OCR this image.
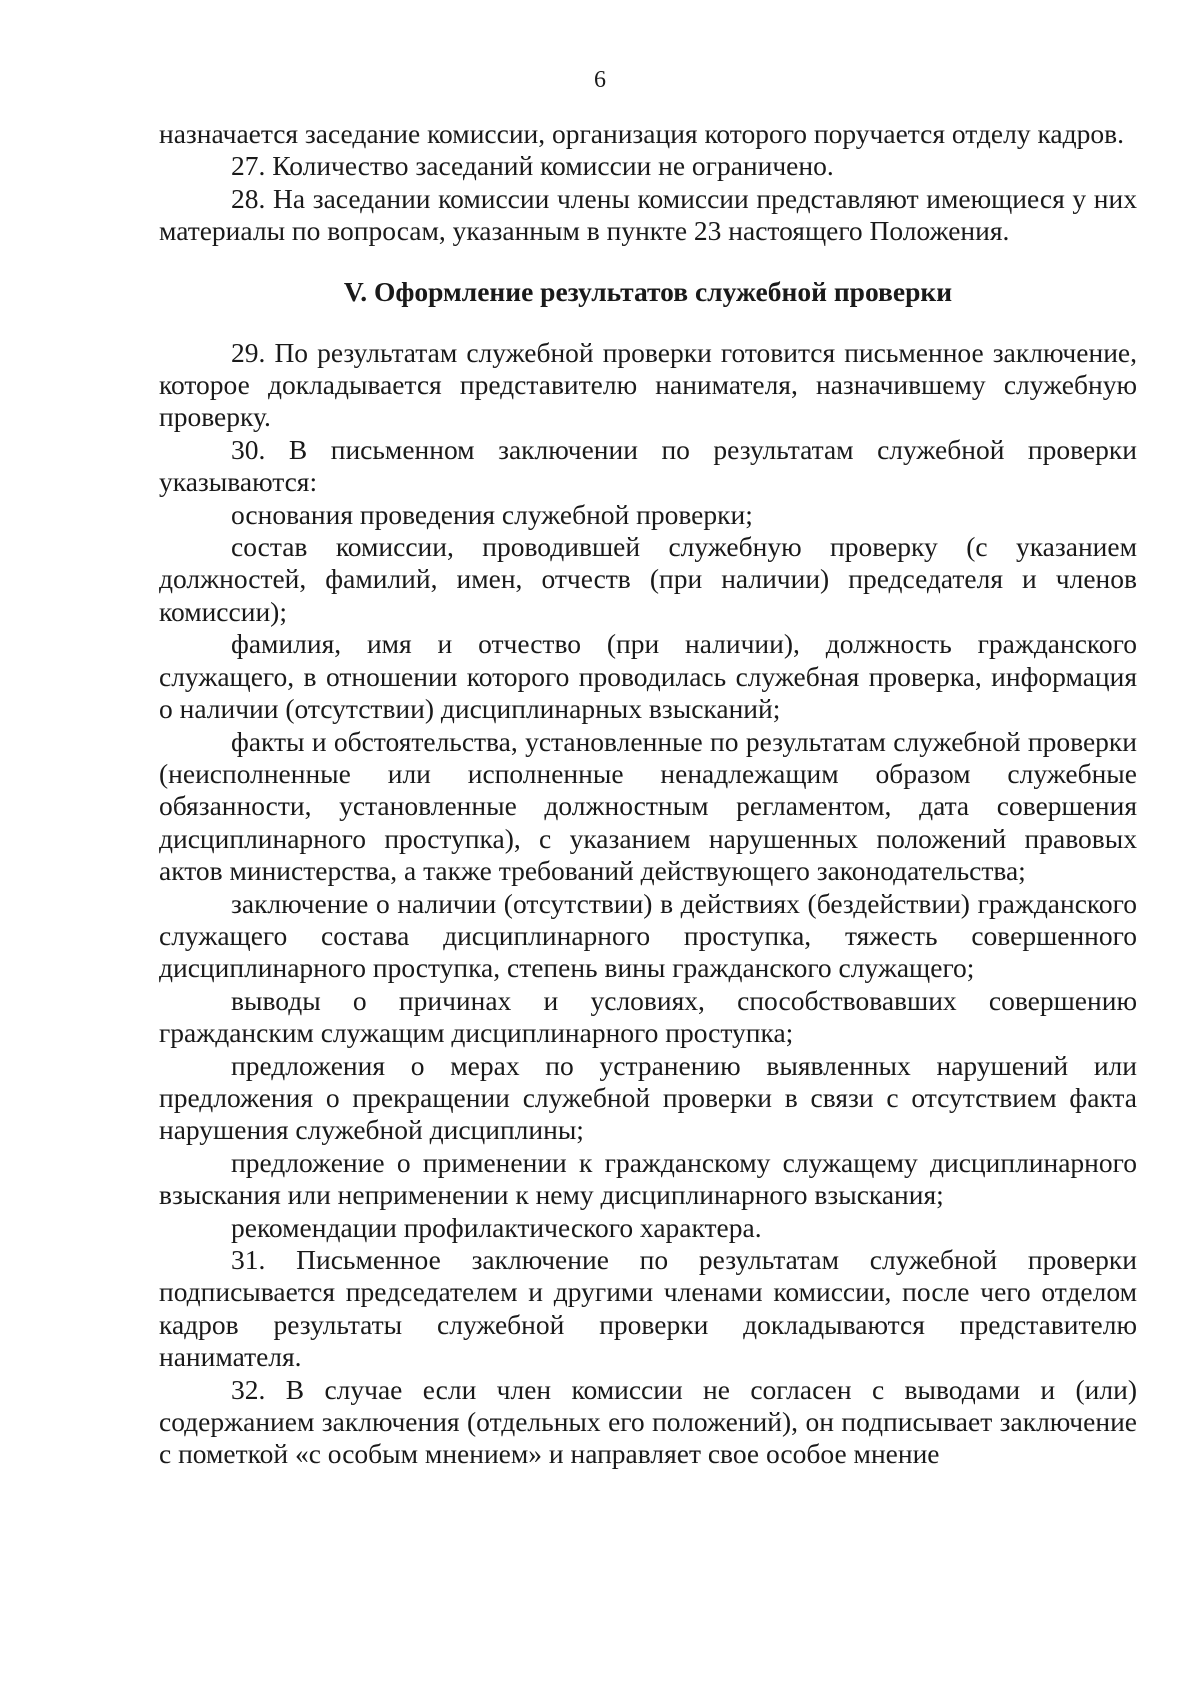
6

назначается заседание комиссии, организация которого поручается отделу кадров.

27. Количество заседаний комиссии не ограничено.

28. На заседании комиссии члены комиссии представляют имеющиеся у них материалы по вопросам, указанным в пункте 23 настоящего Положения.

V. Оформление результатов служебной проверки

29. По результатам служебной проверки готовится письменное заключение, которое докладывается представителю нанимателя, назначившему служебную проверку.

30. В письменном заключении по результатам служебной проверки указываются:

основания проведения служебной проверки;

состав комиссии, проводившей служебную проверку (с указанием должностей, фамилий, имен, отчеств (при наличии) председателя и членов комиссии);

фамилия, имя и отчество (при наличии), должность гражданского служащего, в отношении которого проводилась служебная проверка, информация о наличии (отсутствии) дисциплинарных взысканий;

факты и обстоятельства, установленные по результатам служебной проверки (неисполненные или исполненные ненадлежащим образом служебные обязанности, установленные должностным регламентом, дата совершения дисциплинарного проступка), с указанием нарушенных положений правовых актов министерства, а также требований действующего законодательства;

заключение о наличии (отсутствии) в действиях (бездействии) гражданского служащего состава дисциплинарного проступка, тяжесть совершенного дисциплинарного проступка, степень вины гражданского служащего;

выводы о причинах и условиях, способствовавших совершению гражданским служащим дисциплинарного проступка;

предложения о мерах по устранению выявленных нарушений или предложения о прекращении служебной проверки в связи с отсутствием факта нарушения служебной дисциплины;

предложение о применении к гражданскому служащему дисциплинарного взыскания или неприменении к нему дисциплинарного взыскания;

рекомендации профилактического характера.

31. Письменное заключение по результатам служебной проверки подписывается председателем и другими членами комиссии, после чего отделом кадров результаты служебной проверки докладываются представителю нанимателя.

32. В случае если член комиссии не согласен с выводами и (или) содержанием заключения (отдельных его положений), он подписывает заключение с пометкой «с особым мнением» и направляет свое особое мнение
